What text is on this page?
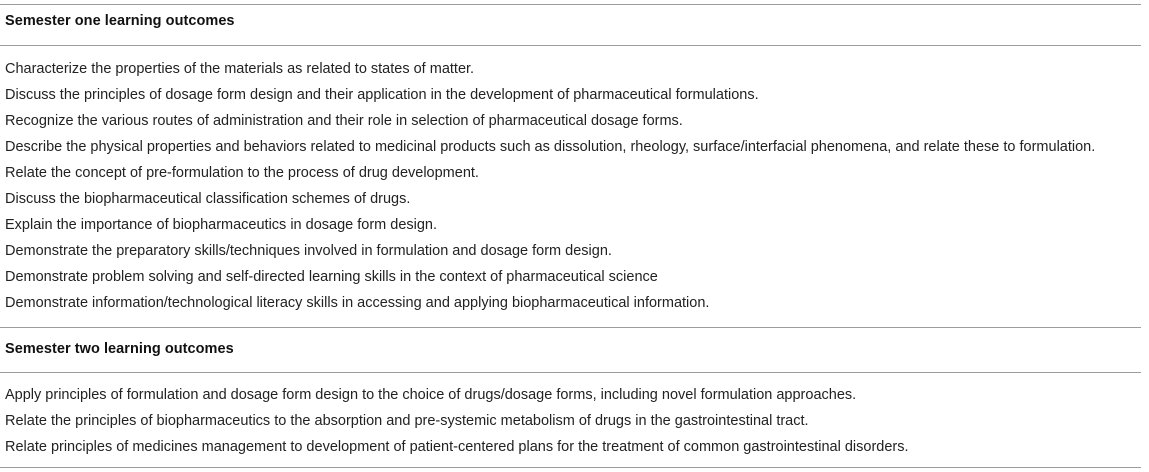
Semester one learning outcomes
Characterize the properties of the materials as related to states of matter.
Discuss the principles of dosage form design and their application in the development of pharmaceutical formulations.
Recognize the various routes of administration and their role in selection of pharmaceutical dosage forms.
Describe the physical properties and behaviors related to medicinal products such as dissolution, rheology, surface/interfacial phenomena, and relate these to formulation.
Relate the concept of pre-formulation to the process of drug development.
Discuss the biopharmaceutical classification schemes of drugs.
Explain the importance of biopharmaceutics in dosage form design.
Demonstrate the preparatory skills/techniques involved in formulation and dosage form design.
Demonstrate problem solving and self-directed learning skills in the context of pharmaceutical science
Demonstrate information/technological literacy skills in accessing and applying biopharmaceutical information.
Semester two learning outcomes
Apply principles of formulation and dosage form design to the choice of drugs/dosage forms, including novel formulation approaches.
Relate the principles of biopharmaceutics to the absorption and pre-systemic metabolism of drugs in the gastrointestinal tract.
Relate principles of medicines management to development of patient-centered plans for the treatment of common gastrointestinal disorders.
